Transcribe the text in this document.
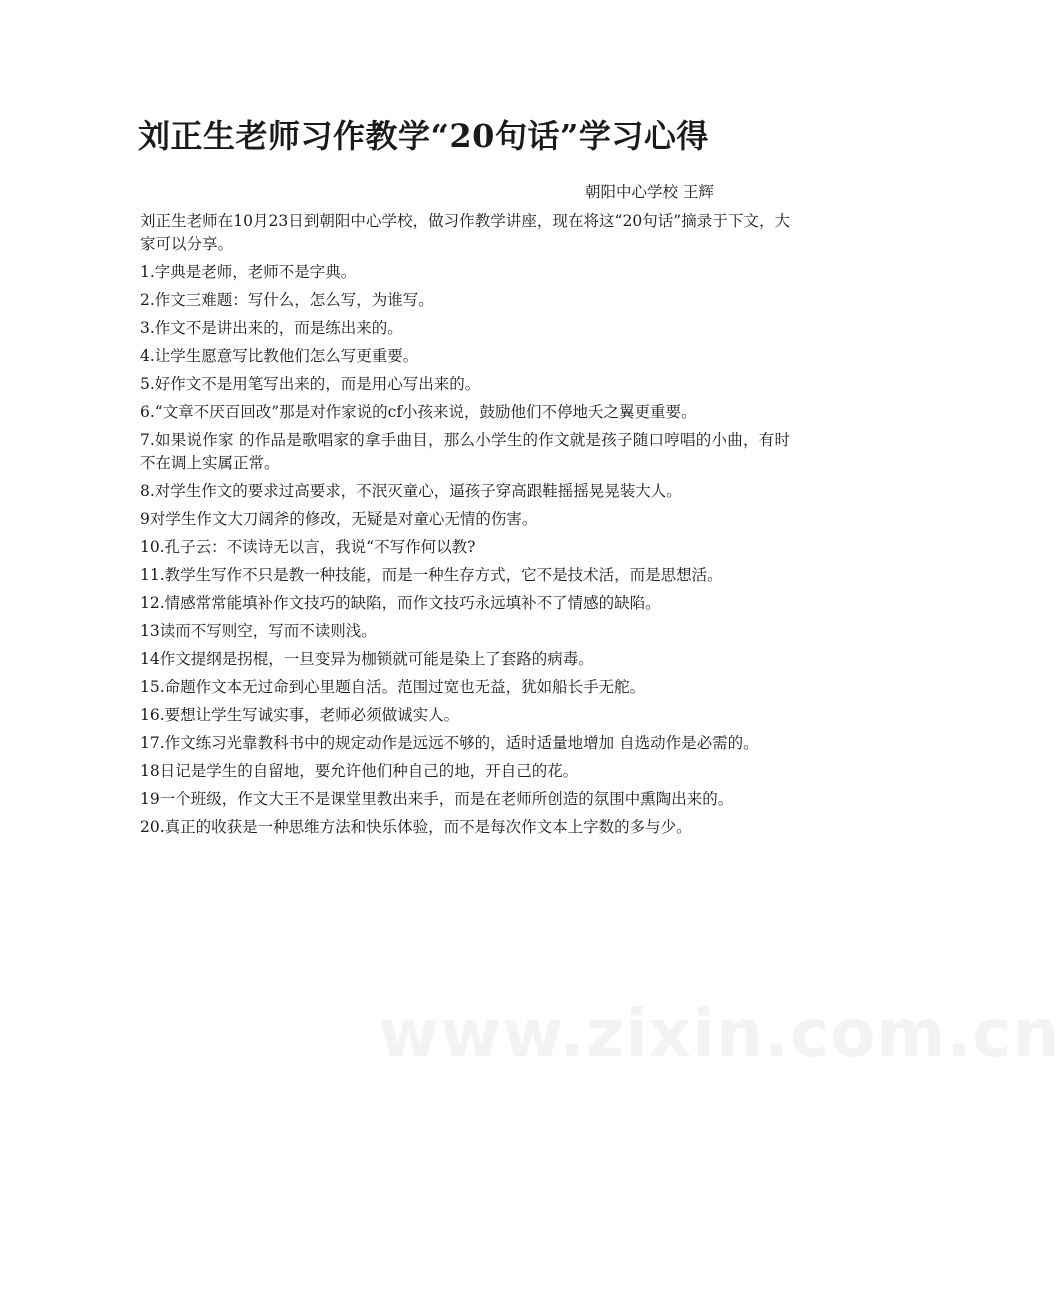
刘正生老师习作教学“20句话”学习心得

朝阳中心学校 王辉

刘正生老师在10月23日到朝阳中心学校，做习作教学讲座，现在将这“20句话”摘录于下文，大家可以分享。

1.字典是老师，老师不是字典。

2.作文三难题：写什么，怎么写，为谁写。

3.作文不是讲出来的，而是练出来的。

4.让学生愿意写比教他们怎么写更重要。

5.好作文不是用笔写出来的，而是用心写出来的。

6.“文章不厌百回改”那是对作家说的cf小孩来说，鼓励他们不停地夭之翼更重要。

7.如果说作家 的作品是歌唱家的拿手曲目，那么小学生的作文就是孩子随口哼唱的小曲，有时不在调上实属正常。

8.对学生作文的要求过高要求，不泯灭童心，逼孩子穿高跟鞋摇摇晃晃装大人。

9对学生作文大刀阔斧的修改，无疑是对童心无情的伤害。

10.孔子云：不读诗无以言，我说“不写作何以教?

11.教学生写作不只是教一种技能，而是一种生存方式，它不是技术活，而是思想活。

12.情感常常能填补作文技巧的缺陷，而作文技巧永远填补不了情感的缺陷。

13读而不写则空，写而不读则浅。

14作文提纲是拐棍，一旦变异为枷锁就可能是染上了套路的病毒。

15.命题作文本无过命到心里题自活。范围过宽也无益，犹如船长手无舵。

16.要想让学生写诚实事，老师必须做诚实人。

17.作文练习光靠教科书中的规定动作是远远不够的，适时适量地增加 自选动作是必需的。

18日记是学生的自留地，要允许他们种自己的地，开自己的花。

19一个班级，作文大王不是课堂里教出来手，而是在老师所创造的氛围中熏陶出来的。

20.真正的收获是一种思维方法和快乐体验，而不是每次作文本上字数的多与少。

www.zixin.com.cn
